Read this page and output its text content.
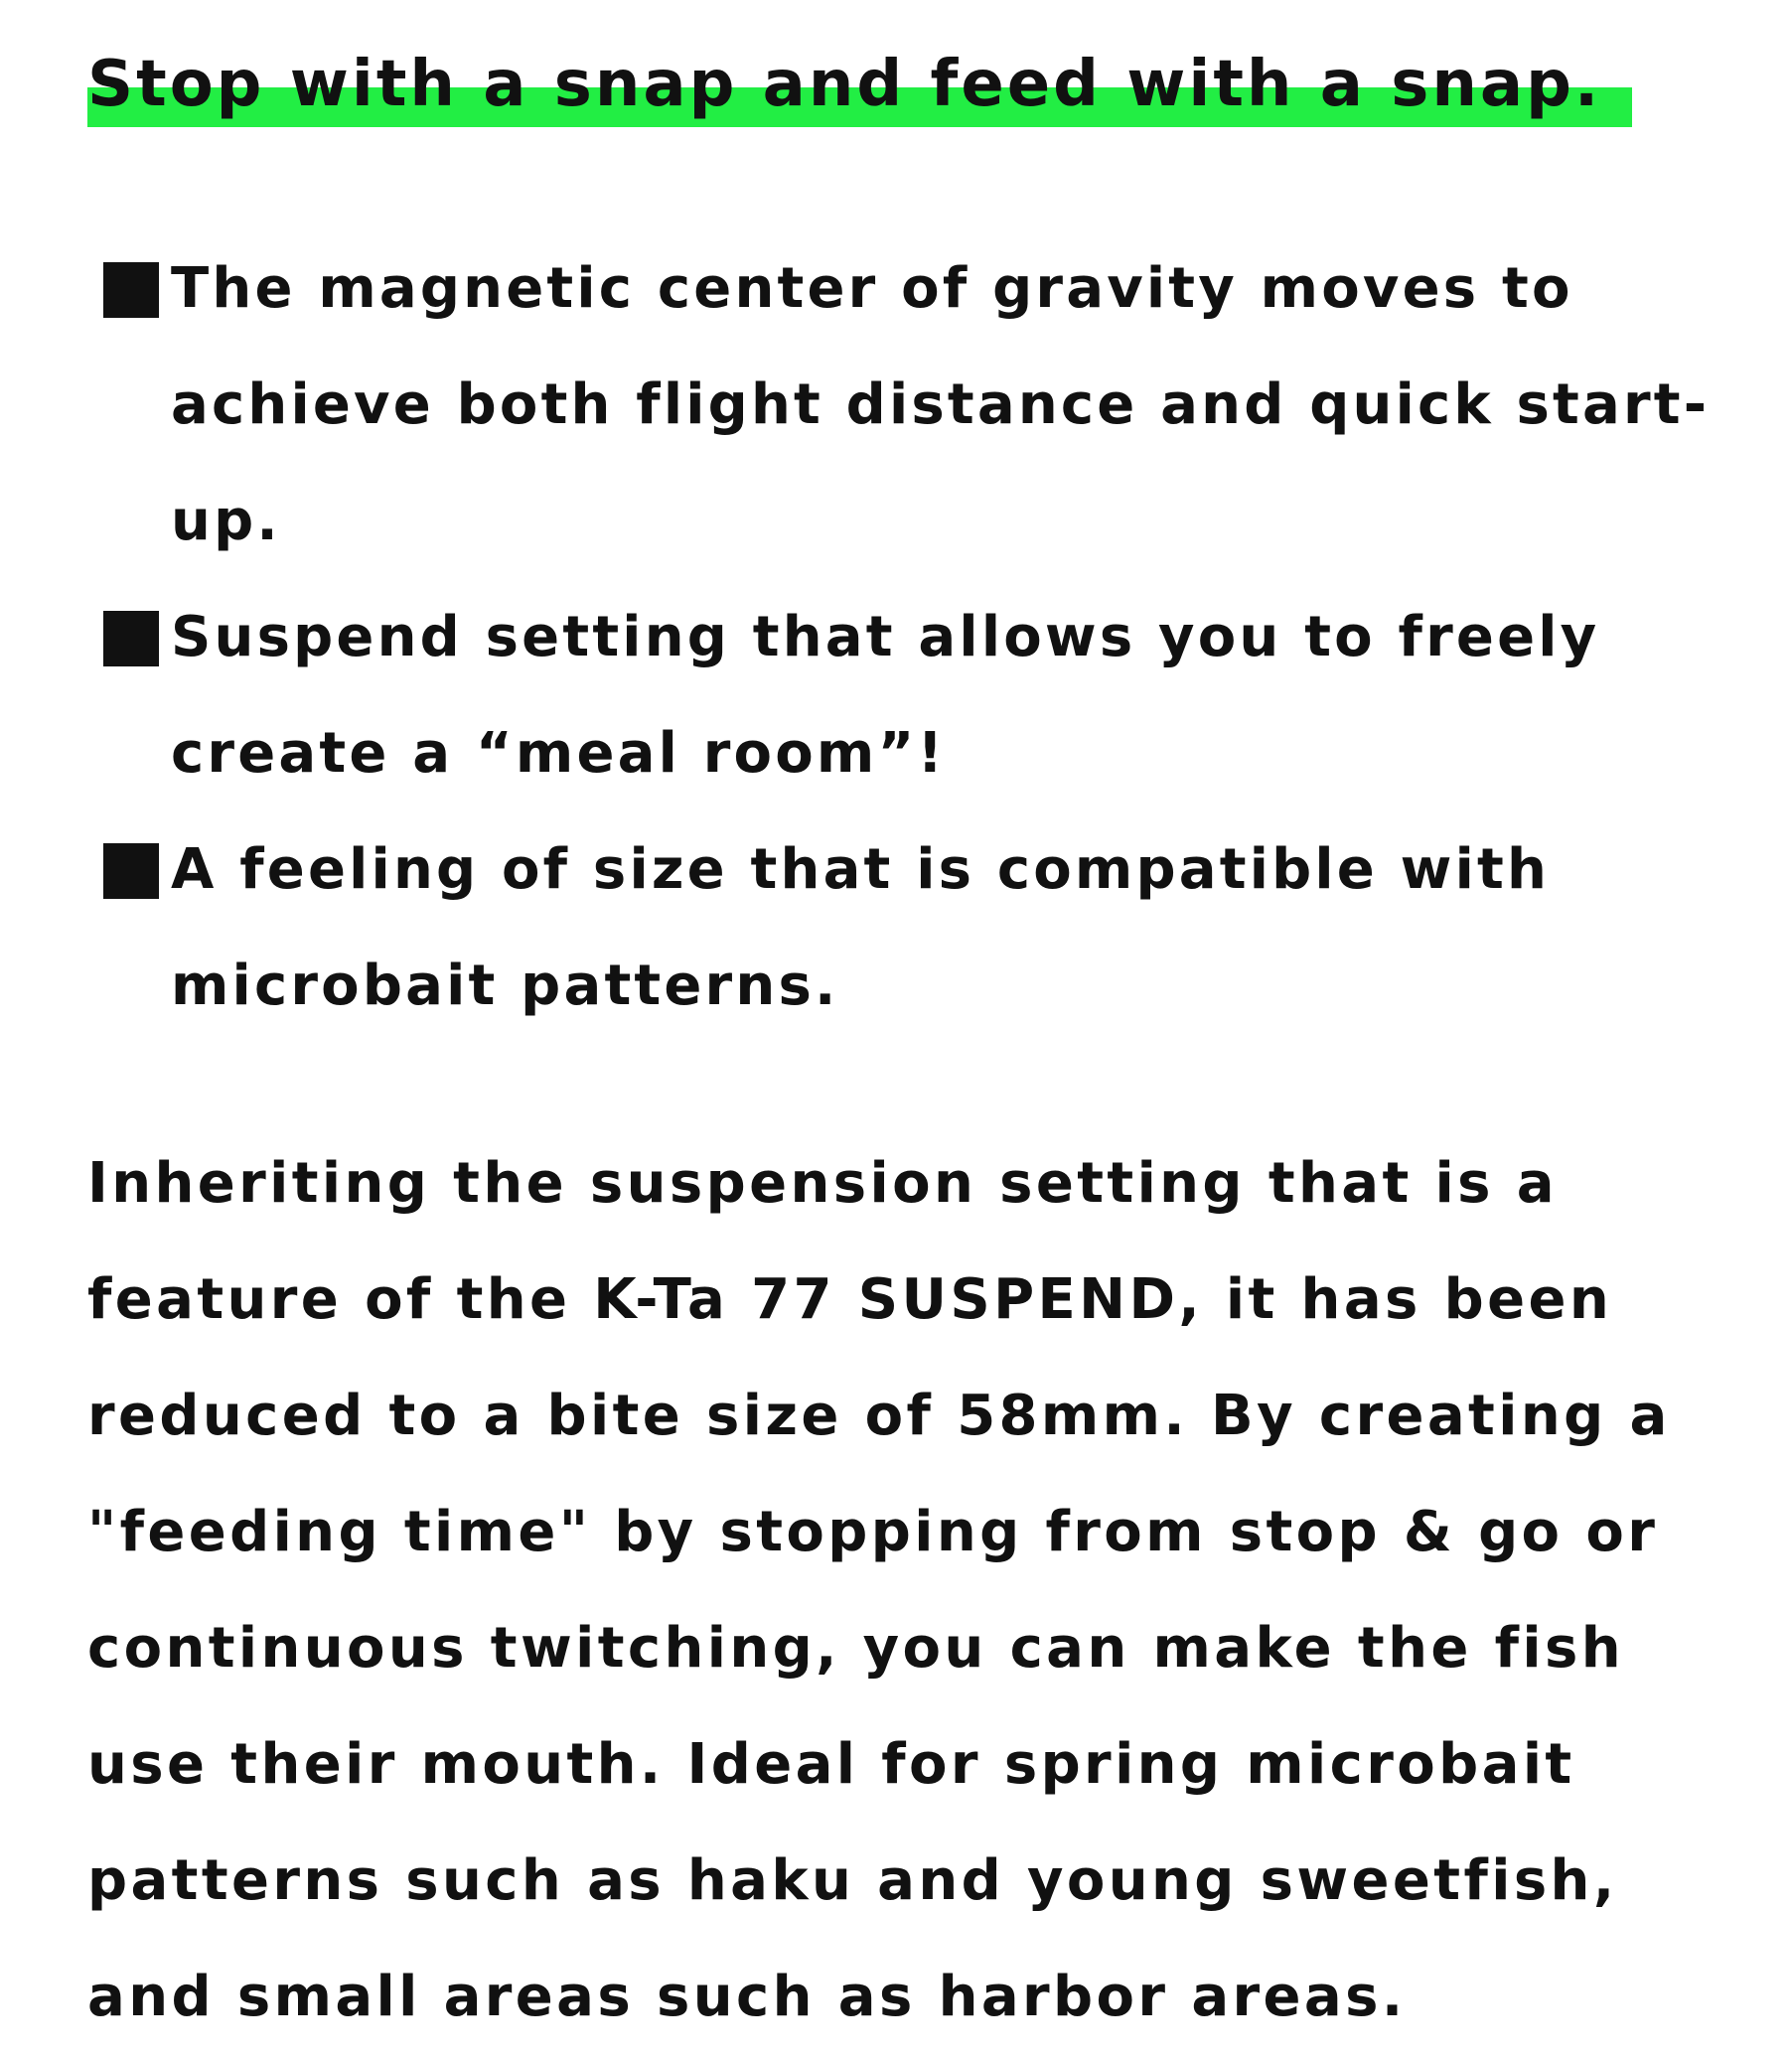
Stop with a snap and feed with a snap.
The magnetic center of gravity moves to achieve both flight distance and quick start-up.
Suspend setting that allows you to freely create a “meal room”!
A feeling of size that is compatible with microbait patterns.

Inheriting the suspension setting that is a feature of the K-Ta 77 SUSPEND, it has been reduced to a bite size of 58mm. By creating a "feeding time" by stopping from stop & go or continuous twitching, you can make the fish use their mouth. Ideal for spring microbait patterns such as haku and young sweetfish, and small areas such as harbor areas.
